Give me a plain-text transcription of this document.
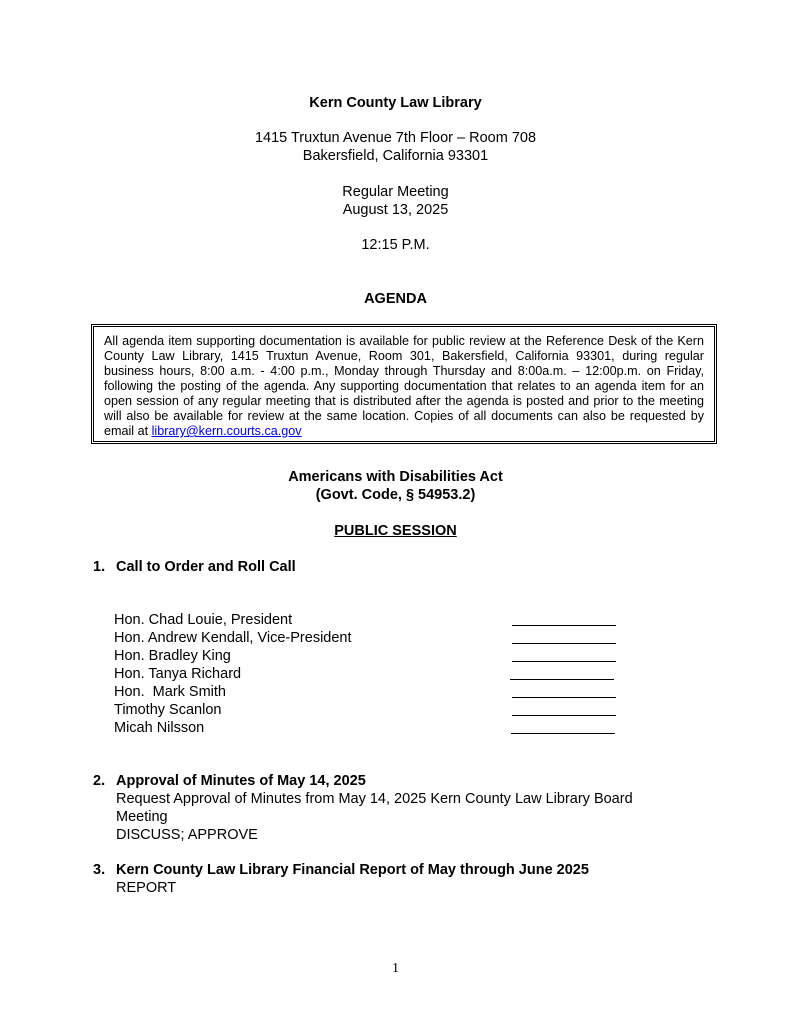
Kern County Law Library
1415 Truxtun Avenue 7th Floor – Room 708
Bakersfield, California 93301
Regular Meeting
August 13, 2025
12:15 P.M.
AGENDA
All agenda item supporting documentation is available for public review at the Reference Desk of the Kern County Law Library, 1415 Truxtun Avenue, Room 301, Bakersfield, California 93301, during regular business hours, 8:00 a.m. - 4:00 p.m., Monday through Thursday and 8:00a.m. – 12:00p.m. on Friday, following the posting of the agenda. Any supporting documentation that relates to an agenda item for an open session of any regular meeting that is distributed after the agenda is posted and prior to the meeting will also be available for review at the same location. Copies of all documents can also be requested by email at library@kern.courts.ca.gov
Americans with Disabilities Act
(Govt. Code, § 54953.2)
PUBLIC SESSION
1. Call to Order and Roll Call
Hon. Chad Louie, President
Hon. Andrew Kendall, Vice-President
Hon. Bradley King
Hon. Tanya Richard
Hon.  Mark Smith
Timothy Scanlon
Micah Nilsson
2. Approval of Minutes of May 14, 2025
Request Approval of Minutes from May 14, 2025 Kern County Law Library Board Meeting
DISCUSS; APPROVE
3. Kern County Law Library Financial Report of May through June 2025
REPORT
1
